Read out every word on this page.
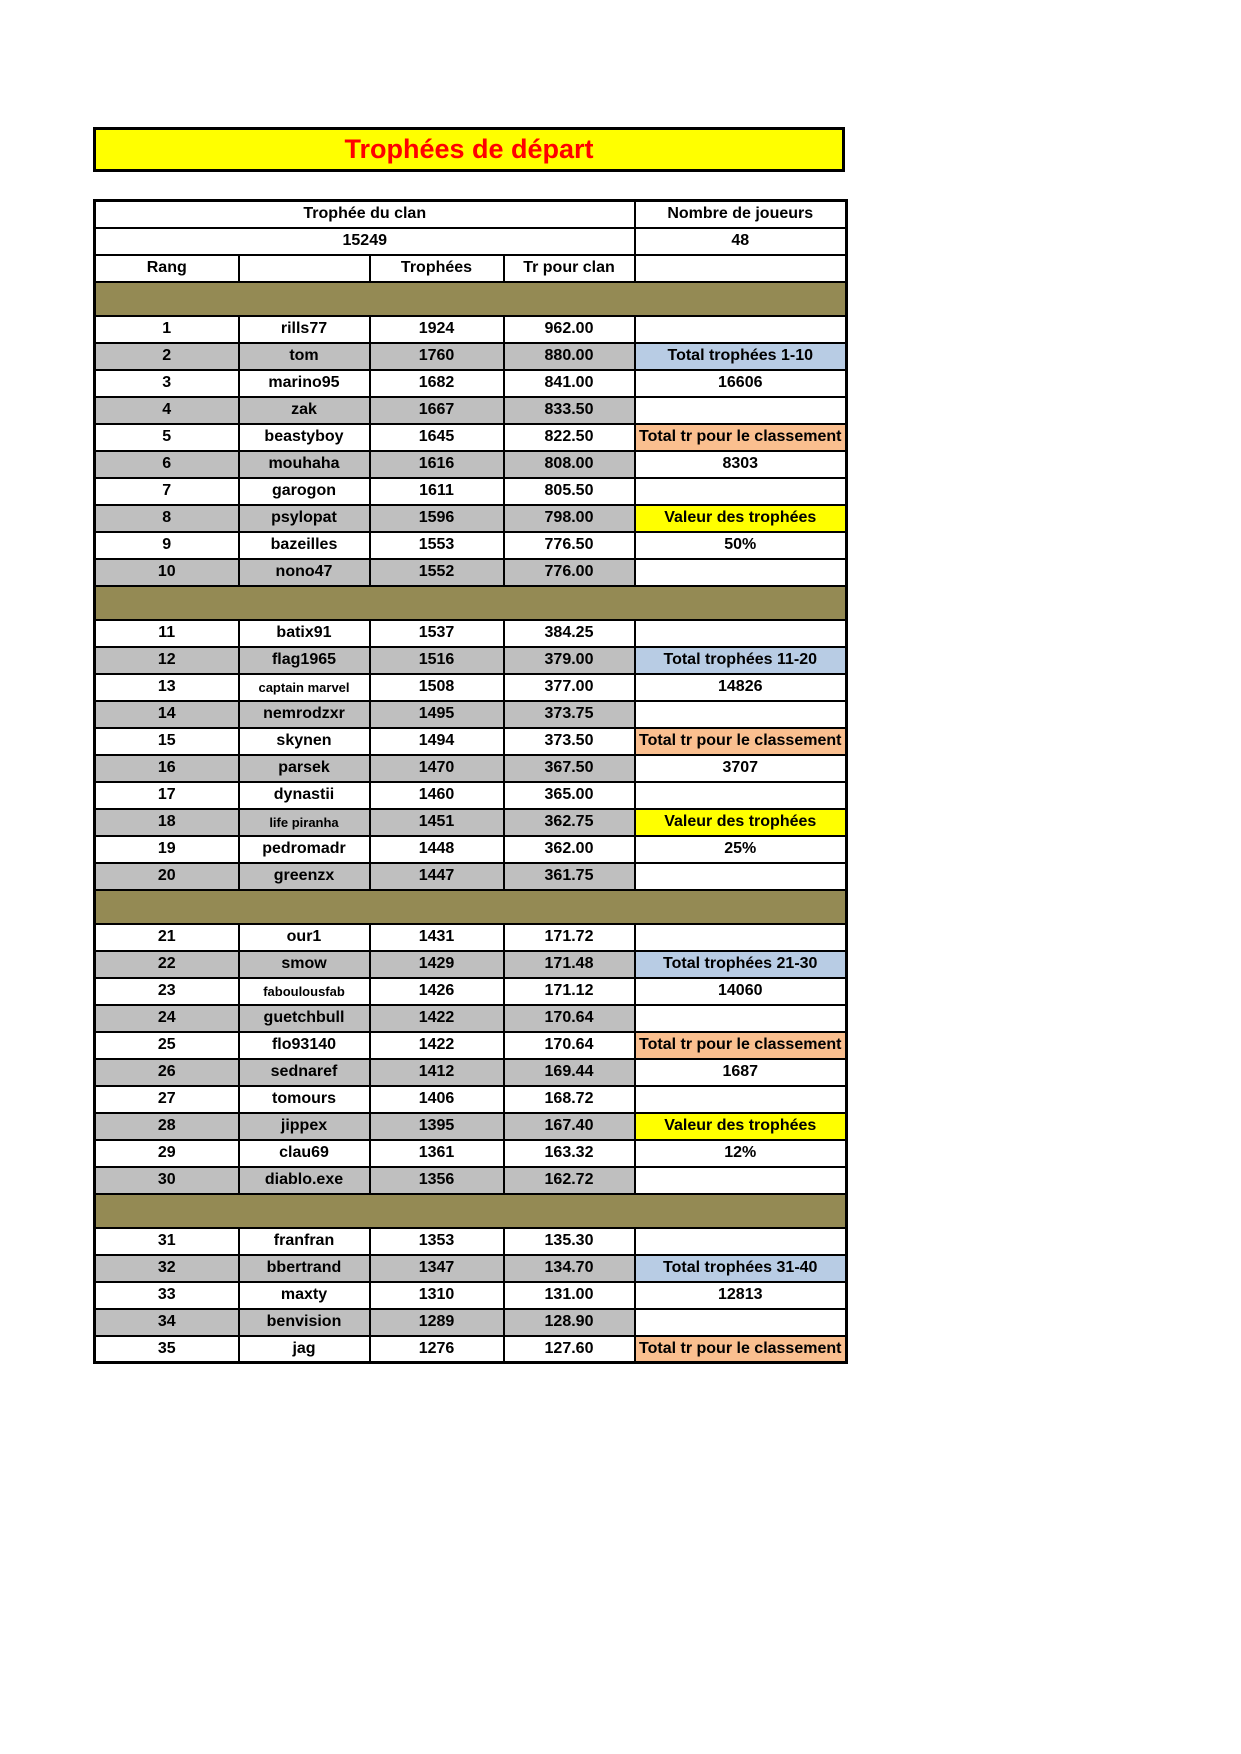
Trophées de départ
Trophée du clan				Nombre de joueurs
15249				48
Rang		Trophées	Tr pour clan	

1	rills77	1924	962.00	
2	tom	1760	880.00	Total trophées 1-10
3	marino95	1682	841.00	16606
4	zak	1667	833.50	
5	beastyboy	1645	822.50	Total tr pour le classement
6	mouhaha	1616	808.00	8303
7	garogon	1611	805.50	
8	psylopat	1596	798.00	Valeur des trophées
9	bazeilles	1553	776.50	50%
10	nono47	1552	776.00	

11	batix91	1537	384.25	
12	flag1965	1516	379.00	Total trophées 11-20
13	captain marvel	1508	377.00	14826
14	nemrodzxr	1495	373.75	
15	skynen	1494	373.50	Total tr pour le classement
16	parsek	1470	367.50	3707
17	dynastii	1460	365.00	
18	life piranha	1451	362.75	Valeur des trophées
19	pedromadr	1448	362.00	25%
20	greenzx	1447	361.75	

21	our1	1431	171.72	
22	smow	1429	171.48	Total trophées 21-30
23	faboulousfab	1426	171.12	14060
24	guetchbull	1422	170.64	
25	flo93140	1422	170.64	Total tr pour le classement
26	sednaref	1412	169.44	1687
27	tomours	1406	168.72	
28	jippex	1395	167.40	Valeur des trophées
29	clau69	1361	163.32	12%
30	diablo.exe	1356	162.72	

31	franfran	1353	135.30	
32	bbertrand	1347	134.70	Total trophées 31-40
33	maxty	1310	131.00	12813
34	benvision	1289	128.90	
35	jag	1276	127.60	Total tr pour le classement
